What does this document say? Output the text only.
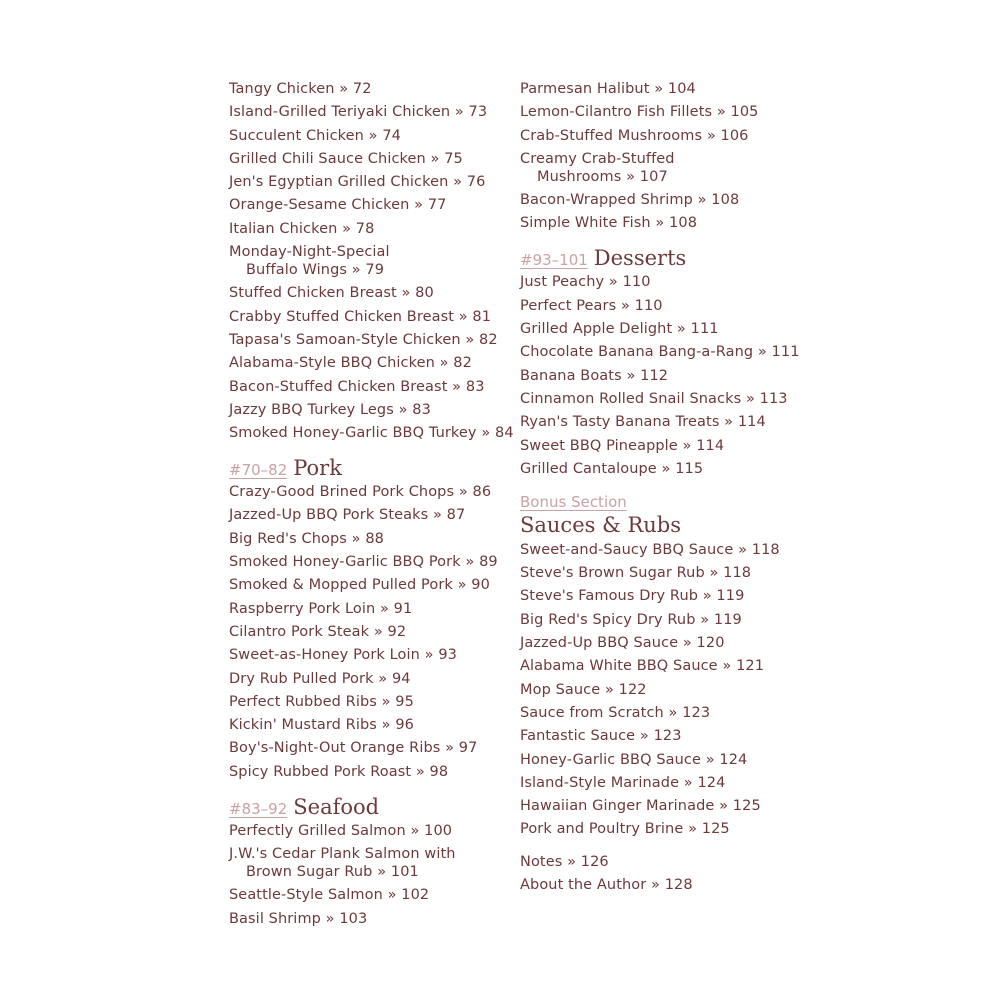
Tangy Chicken » 72
Island-Grilled Teriyaki Chicken » 73
Succulent Chicken » 74
Grilled Chili Sauce Chicken » 75
Jen's Egyptian Grilled Chicken » 76
Orange-Sesame Chicken » 77
Italian Chicken » 78
Monday-Night-Special
Buffalo Wings » 79
Stuffed Chicken Breast » 80
Crabby Stuffed Chicken Breast » 81
Tapasa's Samoan-Style Chicken » 82
Alabama-Style BBQ Chicken » 82
Bacon-Stuffed Chicken Breast » 83
Jazzy BBQ Turkey Legs » 83
Smoked Honey-Garlic BBQ Turkey » 84
#70–82 Pork
Crazy-Good Brined Pork Chops » 86
Jazzed-Up BBQ Pork Steaks » 87
Big Red's Chops » 88
Smoked Honey-Garlic BBQ Pork » 89
Smoked & Mopped Pulled Pork » 90
Raspberry Pork Loin » 91
Cilantro Pork Steak » 92
Sweet-as-Honey Pork Loin » 93
Dry Rub Pulled Pork » 94
Perfect Rubbed Ribs » 95
Kickin' Mustard Ribs » 96
Boy's-Night-Out Orange Ribs » 97
Spicy Rubbed Pork Roast » 98
#83–92 Seafood
Perfectly Grilled Salmon » 100
J.W.'s Cedar Plank Salmon with
Brown Sugar Rub » 101
Seattle-Style Salmon » 102
Basil Shrimp » 103
Parmesan Halibut » 104
Lemon-Cilantro Fish Fillets » 105
Crab-Stuffed Mushrooms » 106
Creamy Crab-Stuffed
Mushrooms » 107
Bacon-Wrapped Shrimp » 108
Simple White Fish » 108
#93–101 Desserts
Just Peachy » 110
Perfect Pears » 110
Grilled Apple Delight » 111
Chocolate Banana Bang-a-Rang » 111
Banana Boats » 112
Cinnamon Rolled Snail Snacks » 113
Ryan's Tasty Banana Treats » 114
Sweet BBQ Pineapple » 114
Grilled Cantaloupe » 115
Bonus Section
Sauces & Rubs
Sweet-and-Saucy BBQ Sauce » 118
Steve's Brown Sugar Rub » 118
Steve's Famous Dry Rub » 119
Big Red's Spicy Dry Rub » 119
Jazzed-Up BBQ Sauce » 120
Alabama White BBQ Sauce » 121
Mop Sauce » 122
Sauce from Scratch » 123
Fantastic Sauce » 123
Honey-Garlic BBQ Sauce » 124
Island-Style Marinade » 124
Hawaiian Ginger Marinade » 125
Pork and Poultry Brine » 125
Notes » 126
About the Author » 128
